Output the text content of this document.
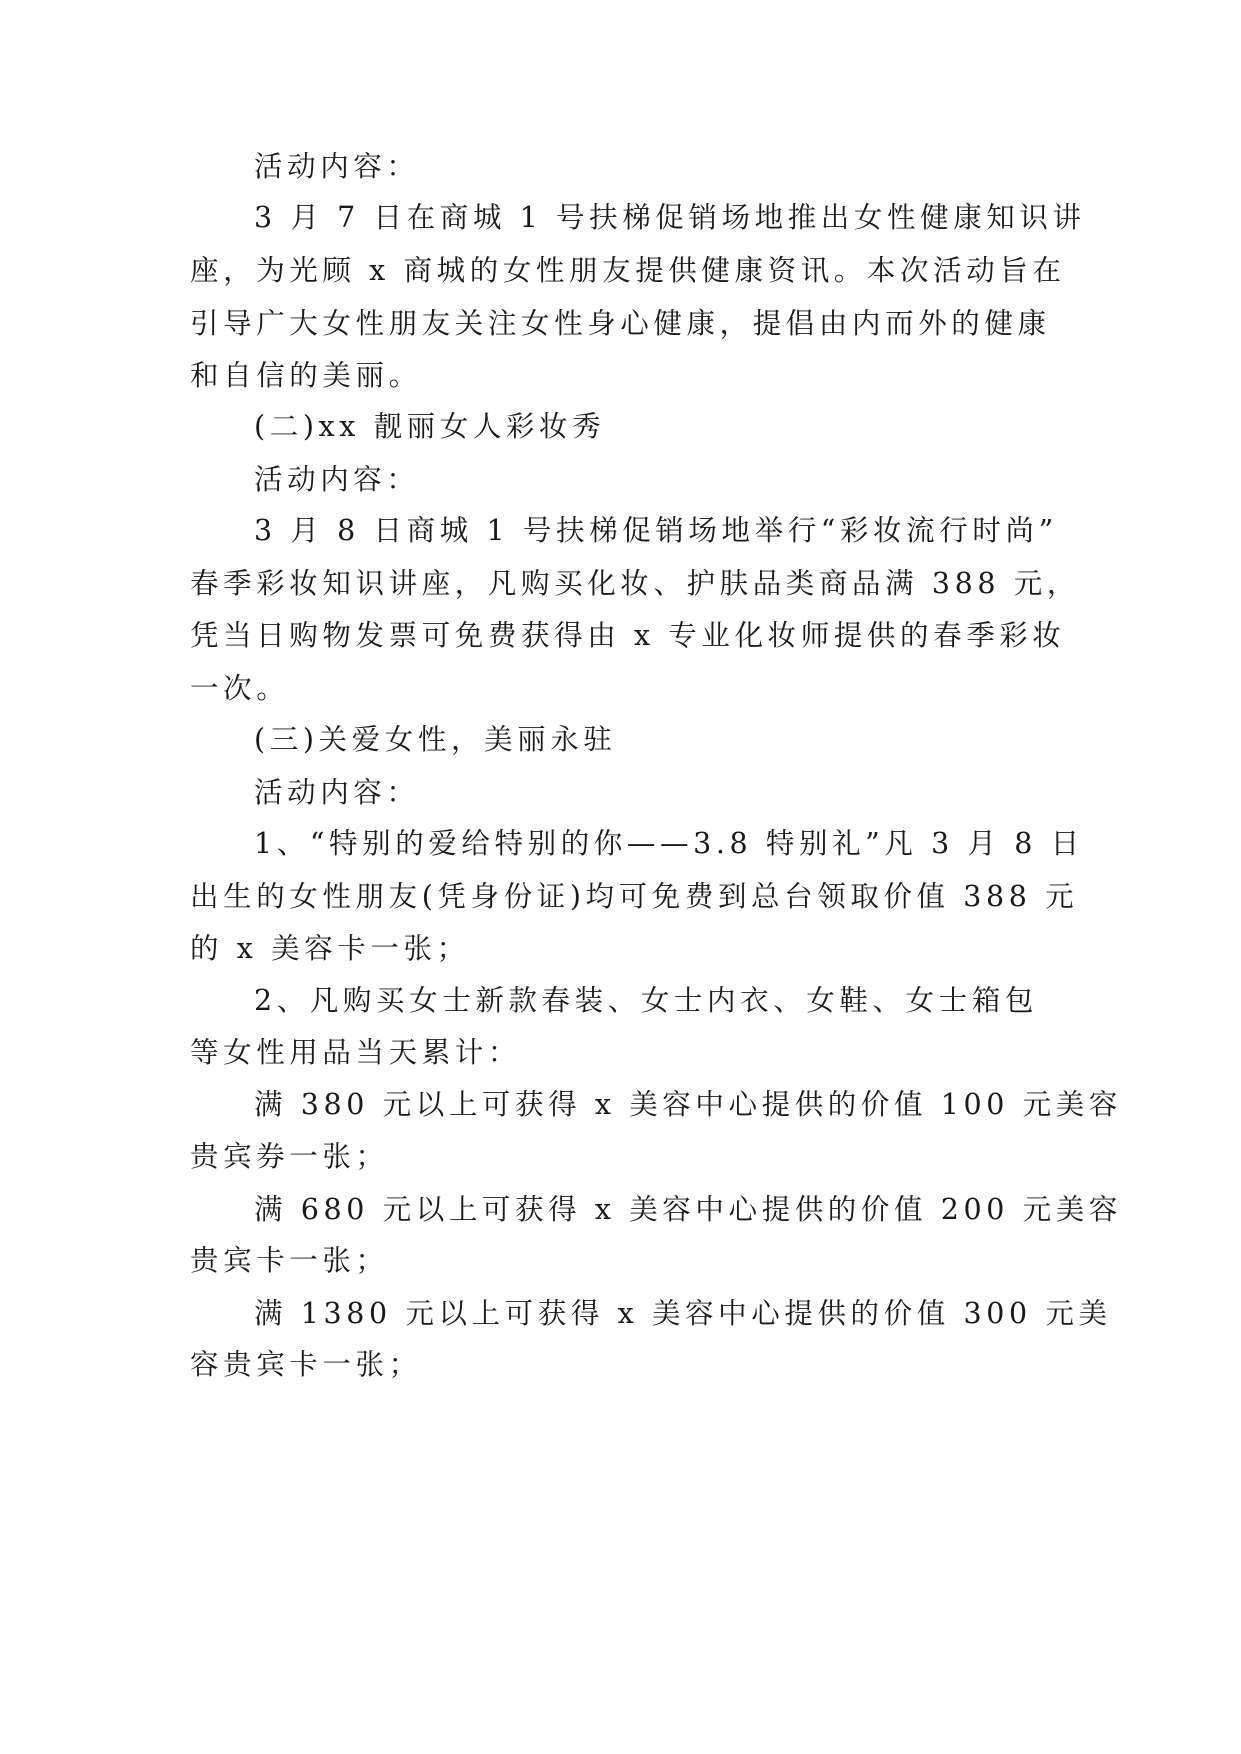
活动内容：
3 月 7 日在商城 1 号扶梯促销场地推出女性健康知识讲
座，为光顾 x 商城的女性朋友提供健康资讯。本次活动旨在
引导广大女性朋友关注女性身心健康，提倡由内而外的健康
和自信的美丽。
(二)xx 靓丽女人彩妆秀
活动内容：
3 月 8 日商城 1 号扶梯促销场地举行“彩妆流行时尚”
春季彩妆知识讲座，凡购买化妆、护肤品类商品满 388 元，
凭当日购物发票可免费获得由 x 专业化妆师提供的春季彩妆
一次。
(三)关爱女性，美丽永驻
活动内容：
1、“特别的爱给特别的你——3.8 特别礼”凡 3 月 8 日
出生的女性朋友(凭身份证)均可免费到总台领取价值 388 元
的 x 美容卡一张；
2、凡购买女士新款春装、女士内衣、女鞋、女士箱包
等女性用品当天累计：
满 380 元以上可获得 x 美容中心提供的价值 100 元美容
贵宾券一张；
满 680 元以上可获得 x 美容中心提供的价值 200 元美容
贵宾卡一张；
满 1380 元以上可获得 x 美容中心提供的价值 300 元美
容贵宾卡一张；
